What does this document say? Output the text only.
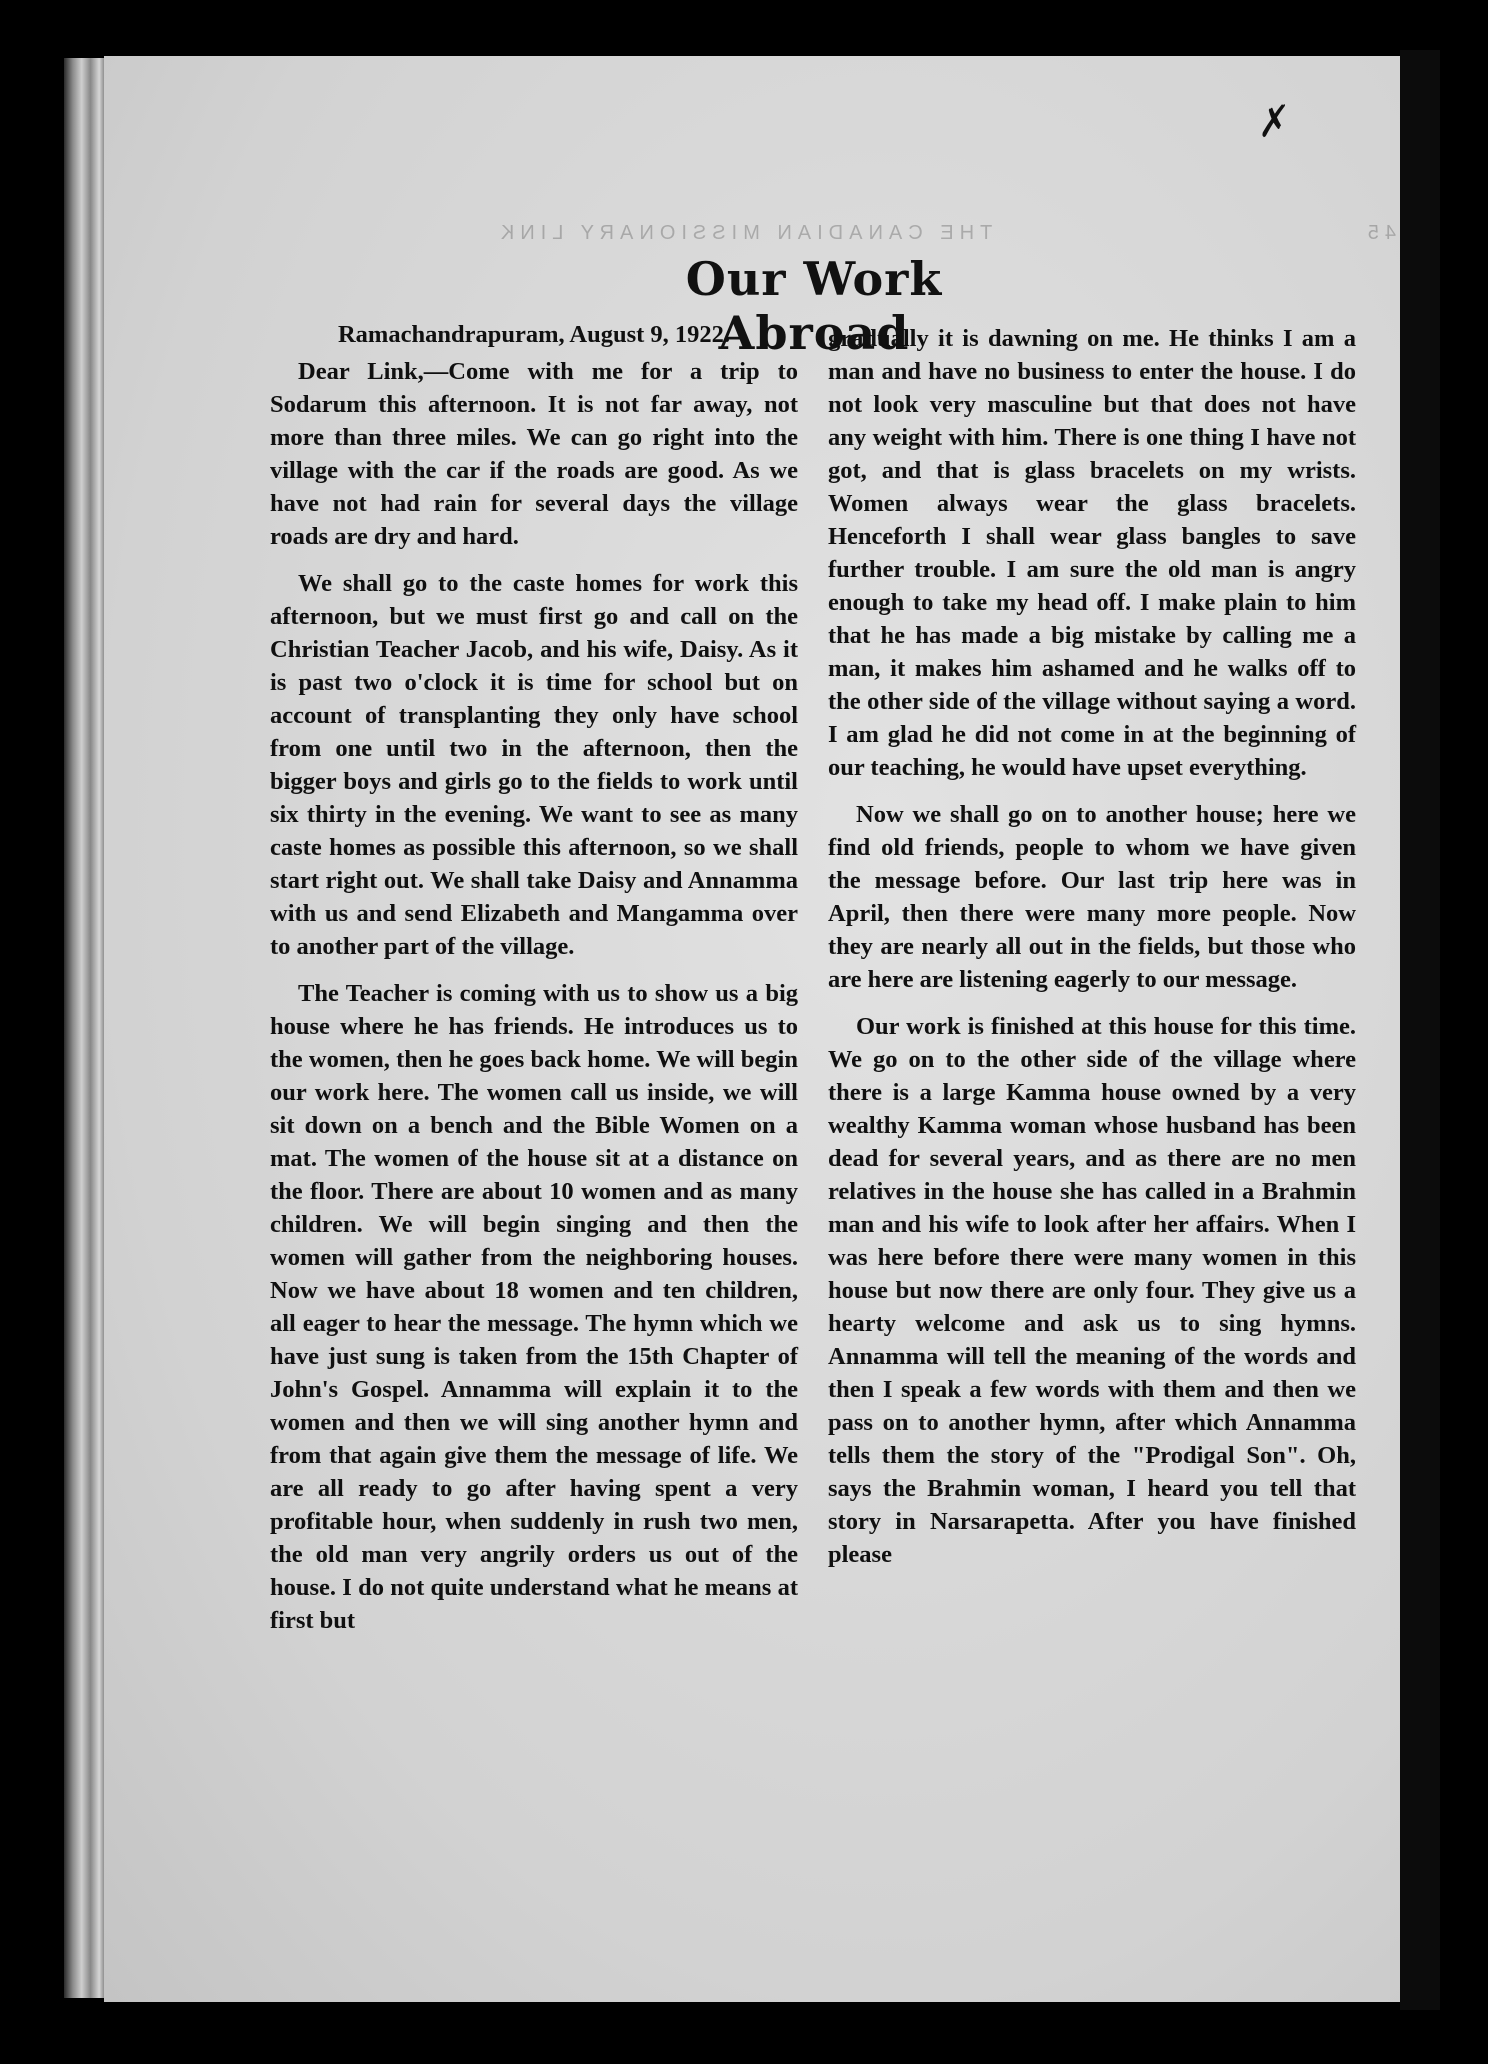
45                                THE CANADIAN MISSIONARY LINK
✗
Our Work Abroad

Ramachandrapuram, August 9, 1922.

Dear Link,—Come with me for a trip to Sodarum this afternoon. It is not far away, not more than three miles. We can go right into the village with the car if the roads are good. As we have not had rain for several days the village roads are dry and hard.

We shall go to the caste homes for work this afternoon, but we must first go and call on the Christian Teacher Jacob, and his wife, Daisy. As it is past two o'clock it is time for school but on account of transplanting they only have school from one until two in the afternoon, then the bigger boys and girls go to the fields to work until six thirty in the evening. We want to see as many caste homes as possible this afternoon, so we shall start right out. We shall take Daisy and Annamma with us and send Elizabeth and Mangamma over to another part of the village.

The Teacher is coming with us to show us a big house where he has friends. He introduces us to the women, then he goes back home. We will begin our work here. The women call us inside, we will sit down on a bench and the Bible Women on a mat. The women of the house sit at a distance on the floor. There are about 10 women and as many children. We will begin singing and then the women will gather from the neighboring houses. Now we have about 18 women and ten children, all eager to hear the message. The hymn which we have just sung is taken from the 15th Chapter of John's Gospel. Annamma will explain it to the women and then we will sing another hymn and from that again give them the message of life. We are all ready to go after having spent a very profitable hour, when suddenly in rush two men, the old man very angrily orders us out of the house. I do not quite understand what he means at first but

gradually it is dawning on me. He thinks I am a man and have no business to enter the house. I do not look very masculine but that does not have any weight with him. There is one thing I have not got, and that is glass bracelets on my wrists. Women always wear the glass bracelets. Henceforth I shall wear glass bangles to save further trouble. I am sure the old man is angry enough to take my head off. I make plain to him that he has made a big mistake by calling me a man, it makes him ashamed and he walks off to the other side of the village without saying a word. I am glad he did not come in at the beginning of our teaching, he would have upset everything.

Now we shall go on to another house; here we find old friends, people to whom we have given the message before. Our last trip here was in April, then there were many more people. Now they are nearly all out in the fields, but those who are here are listening eagerly to our message.

Our work is finished at this house for this time. We go on to the other side of the village where there is a large Kamma house owned by a very wealthy Kamma woman whose husband has been dead for several years, and as there are no men relatives in the house she has called in a Brahmin man and his wife to look after her affairs. When I was here before there were many women in this house but now there are only four. They give us a hearty welcome and ask us to sing hymns. Annamma will tell the meaning of the words and then I speak a few words with them and then we pass on to another hymn, after which Annamma tells them the story of the "Prodigal Son". Oh, says the Brahmin woman, I heard you tell that story in Narsarapetta. After you have finished please
